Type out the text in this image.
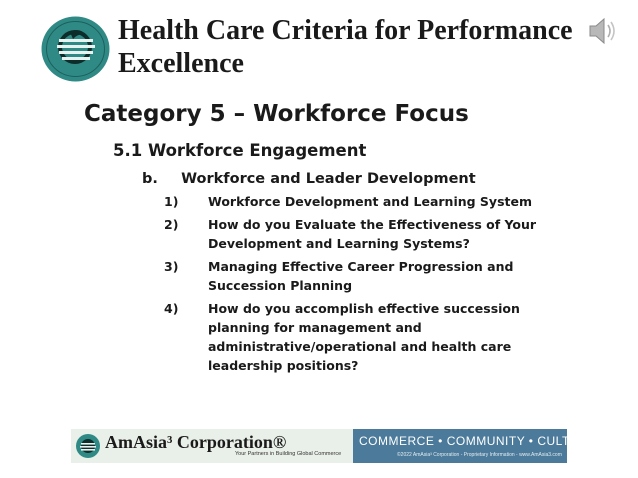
Health Care Criteria for Performance Excellence
Category 5 – Workforce Focus
5.1 Workforce Engagement
b. Workforce and Leader Development
1)	Workforce Development and Learning System
2)	How do you Evaluate the Effectiveness of Your Development and Learning Systems?
3)	Managing Effective Career Progression and Succession Planning
4)	How do you accomplish effective succession planning for management and administrative/operational and health care leadership positions?
AmAsia³ Corporation®
Your Partners in Building Global Commerce
COMMERCE • COMMUNITY • CULTURE
©2022 AmAsia³ Corporation - Proprietary Information - www.AmAsia3.com
